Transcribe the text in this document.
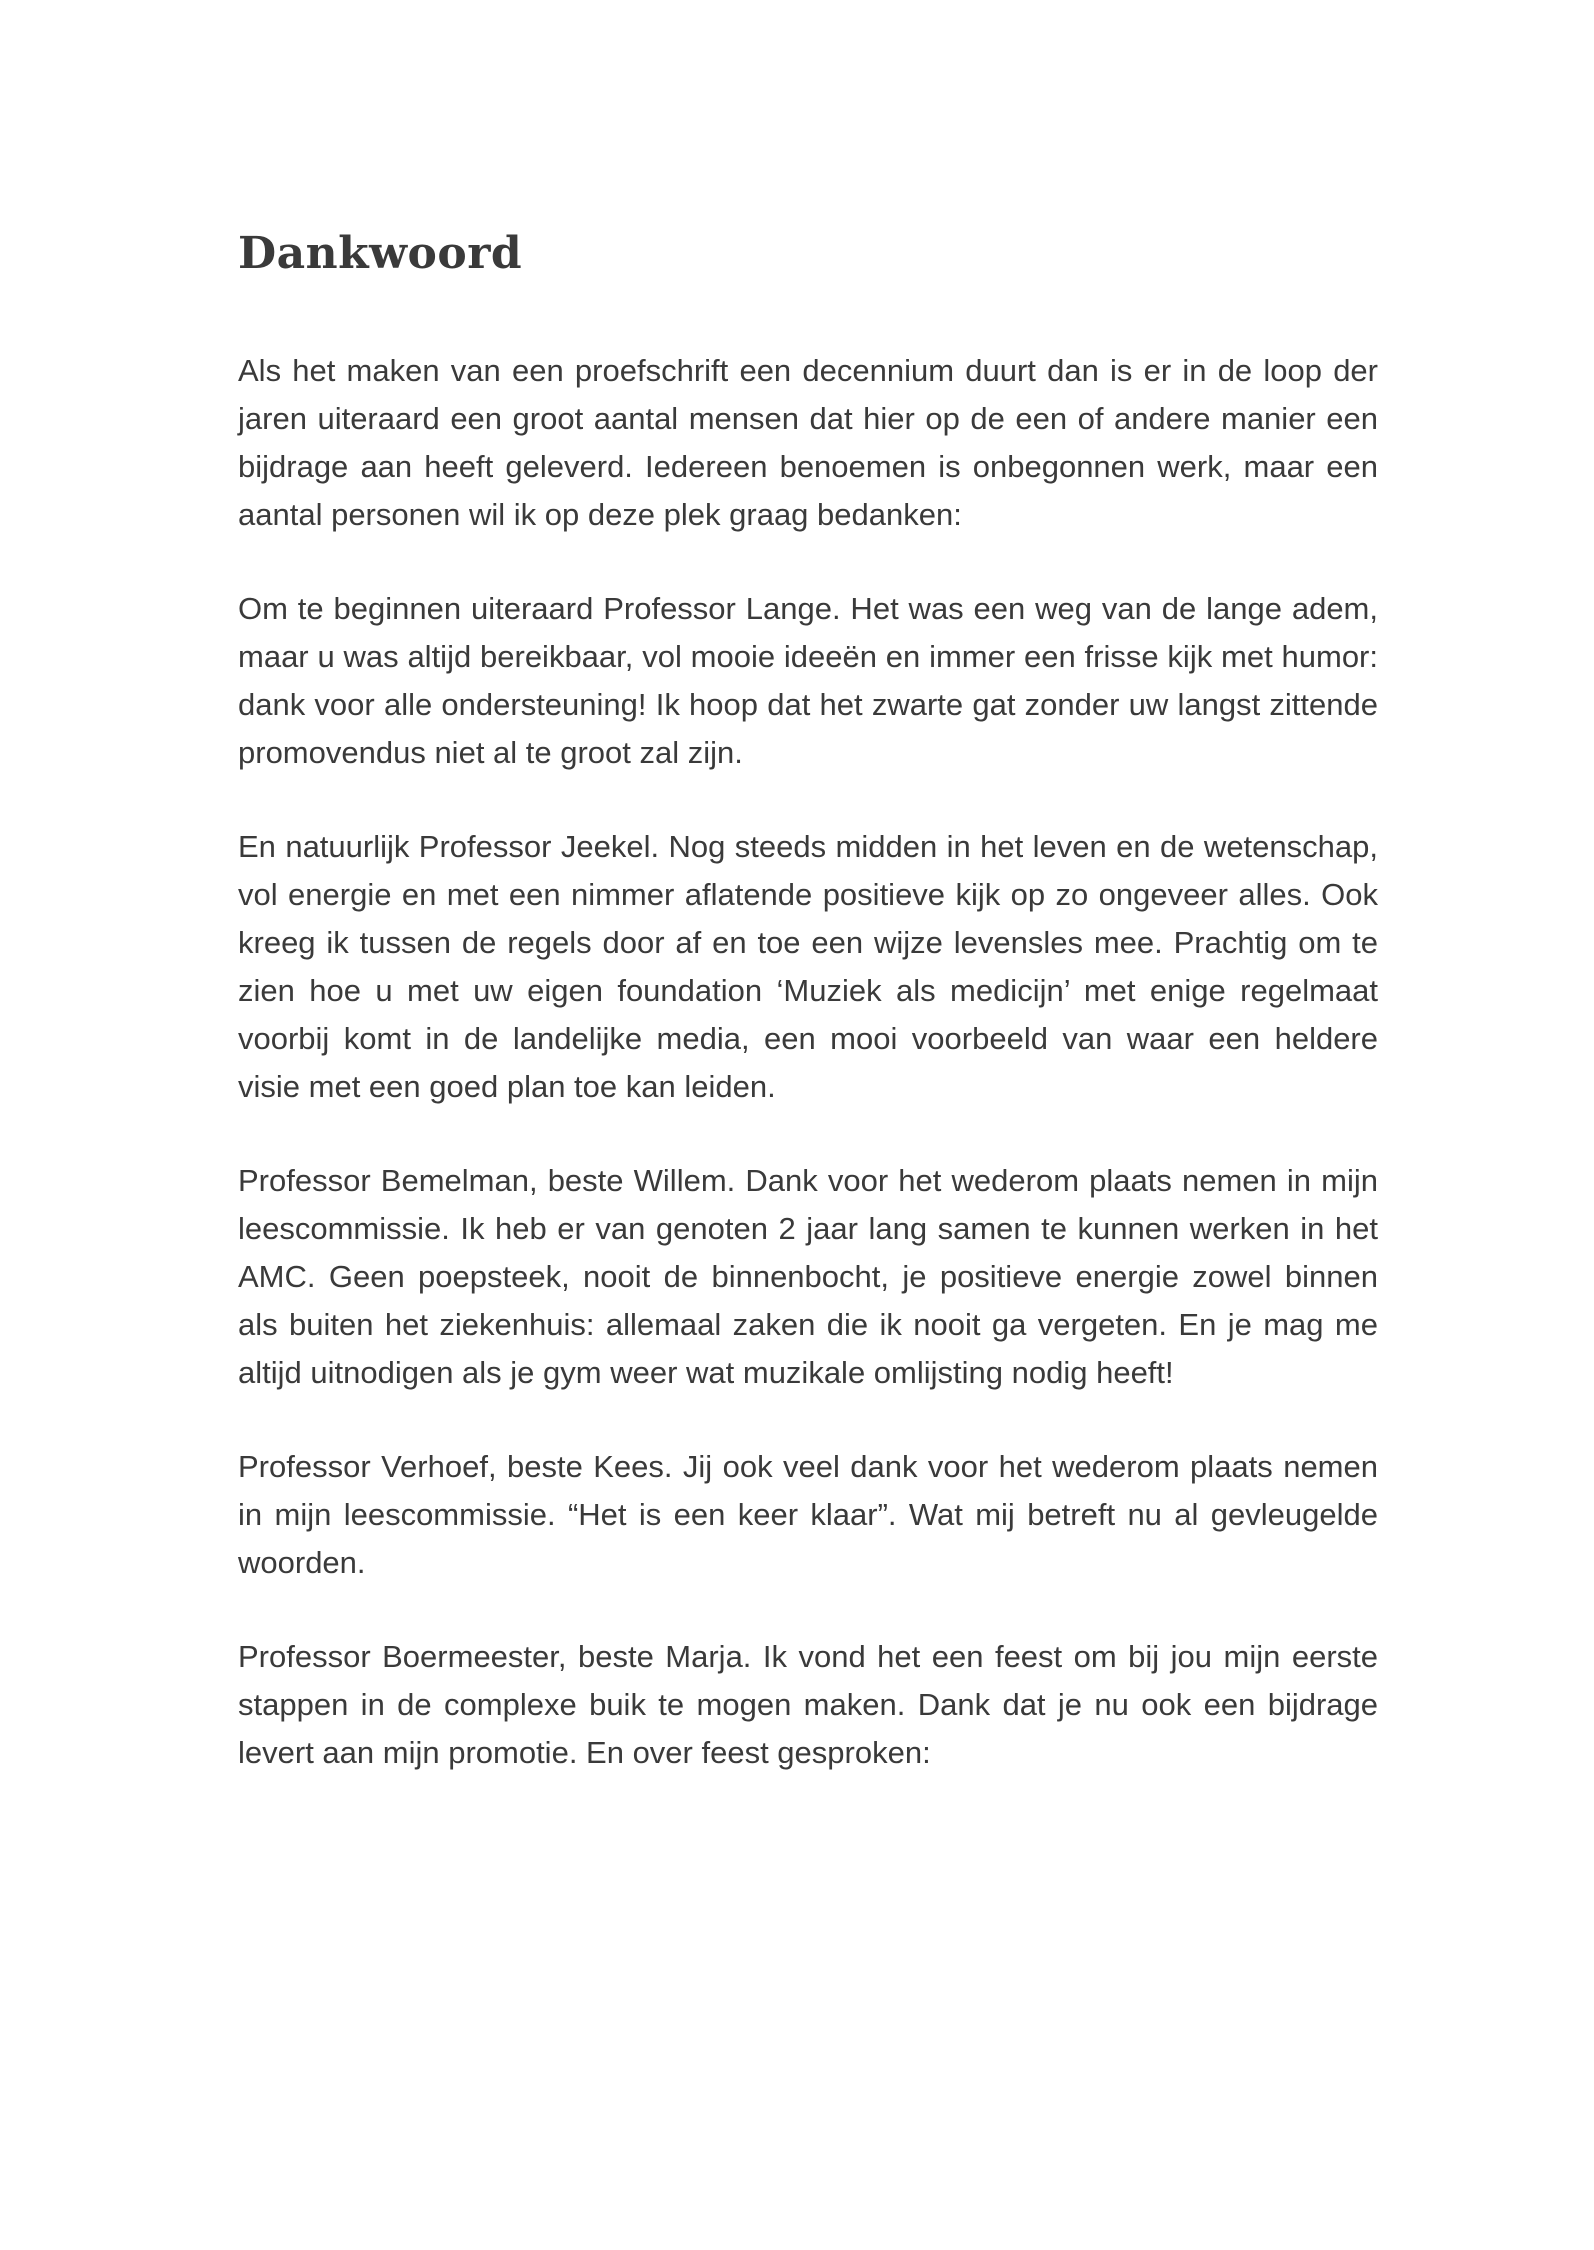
Dankwoord

Als het maken van een proefschrift een decennium duurt dan is er in de loop der jaren uiteraard een groot aantal mensen dat hier op de een of andere manier een bijdrage aan heeft geleverd. Iedereen benoemen is onbegonnen werk, maar een aantal personen wil ik op deze plek graag bedanken:

Om te beginnen uiteraard Professor Lange. Het was een weg van de lange adem, maar u was altijd bereikbaar, vol mooie ideeën en immer een frisse kijk met humor: dank voor alle ondersteuning! Ik hoop dat het zwarte gat zonder uw langst zittende promovendus niet al te groot zal zijn.

En natuurlijk Professor Jeekel. Nog steeds midden in het leven en de wetenschap, vol energie en met een nimmer aflatende positieve kijk op zo ongeveer alles. Ook kreeg ik tussen de regels door af en toe een wijze levensles mee. Prachtig om te zien hoe u met uw eigen foundation ‘Muziek als medicijn’ met enige regelmaat voorbij komt in de landelijke media, een mooi voorbeeld van waar een heldere visie met een goed plan toe kan leiden.

Professor Bemelman, beste Willem. Dank voor het wederom plaats nemen in mijn leescommissie. Ik heb er van genoten 2 jaar lang samen te kunnen werken in het AMC. Geen poepsteek, nooit de binnenbocht, je positieve energie zowel binnen als buiten het ziekenhuis: allemaal zaken die ik nooit ga vergeten. En je mag me altijd uitnodigen als je gym weer wat muzikale omlijsting nodig heeft!

Professor Verhoef, beste Kees. Jij ook veel dank voor het wederom plaats nemen in mijn leescommissie. “Het is een keer klaar”. Wat mij betreft nu al gevleugelde woorden.

Professor Boermeester, beste Marja. Ik vond het een feest om bij jou mijn eerste stappen in de complexe buik te mogen maken. Dank dat je nu ook een bijdrage levert aan mijn promotie. En over feest gesproken:
